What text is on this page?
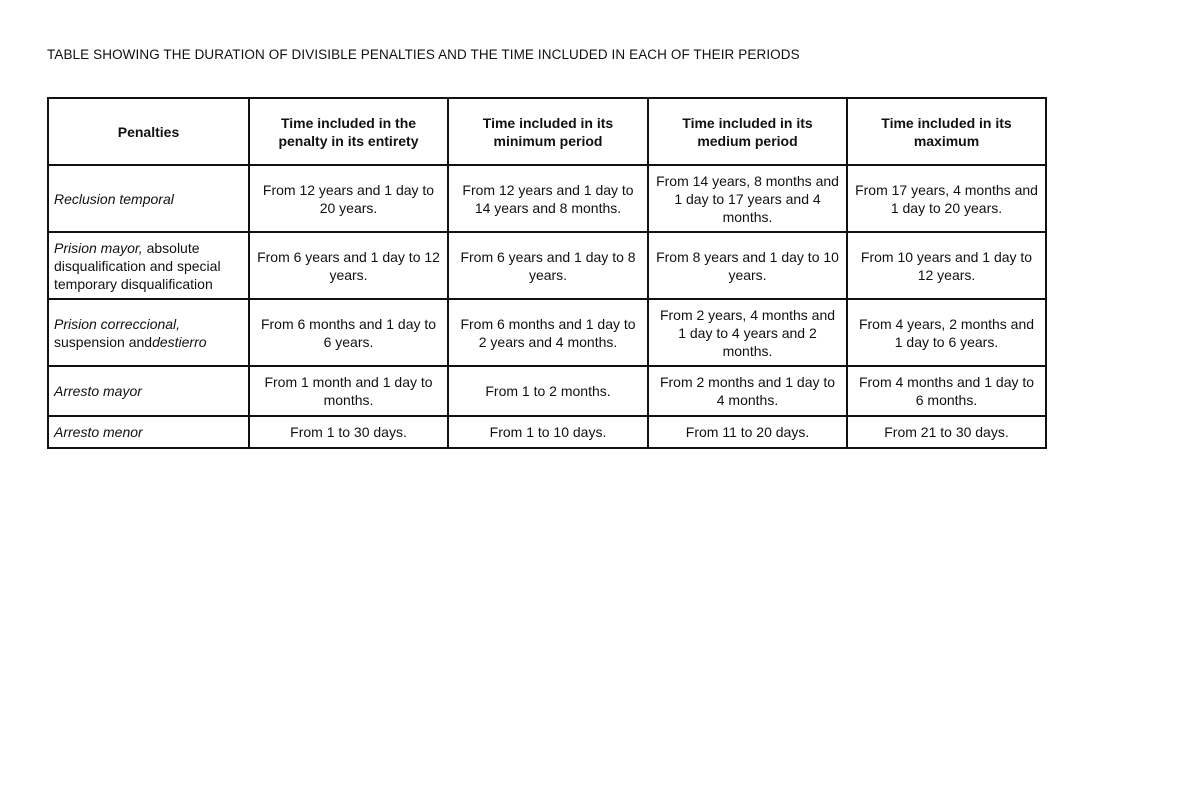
TABLE SHOWING THE DURATION OF DIVISIBLE PENALTIES AND THE TIME INCLUDED IN EACH OF THEIR PERIODS
Penalties	Time included in the penalty in its entirety	Time included in its minimum period	Time included in its medium period	Time included in its maximum
Reclusion temporal	From 12 years and 1 day to 20 years.	From 12 years and 1 day to 14 years and 8 months.	From 14 years, 8 months and 1 day to 17 years and 4 months.	From 17 years, 4 months and 1 day to 20 years.
Prision mayor, absolute disqualification and special temporary disqualification	From 6 years and 1 day to 12 years.	From 6 years and 1 day to 8 years.	From 8 years and 1 day to 10 years.	From 10 years and 1 day to 12 years.
Prision correccional, suspension anddestierro	From 6 months and 1 day to 6 years.	From 6 months and 1 day to 2 years and 4 months.	From 2 years, 4 months and 1 day to 4 years and 2 months.	From 4 years, 2 months and 1 day to 6 years.
Arresto mayor	From 1 month and 1 day to months.	From 1 to 2 months.	From 2 months and 1 day to 4 months.	From 4 months and 1 day to 6 months.
Arresto menor	From 1 to 30 days.	From 1 to 10 days.	From 11 to 20 days.	From 21 to 30 days.
